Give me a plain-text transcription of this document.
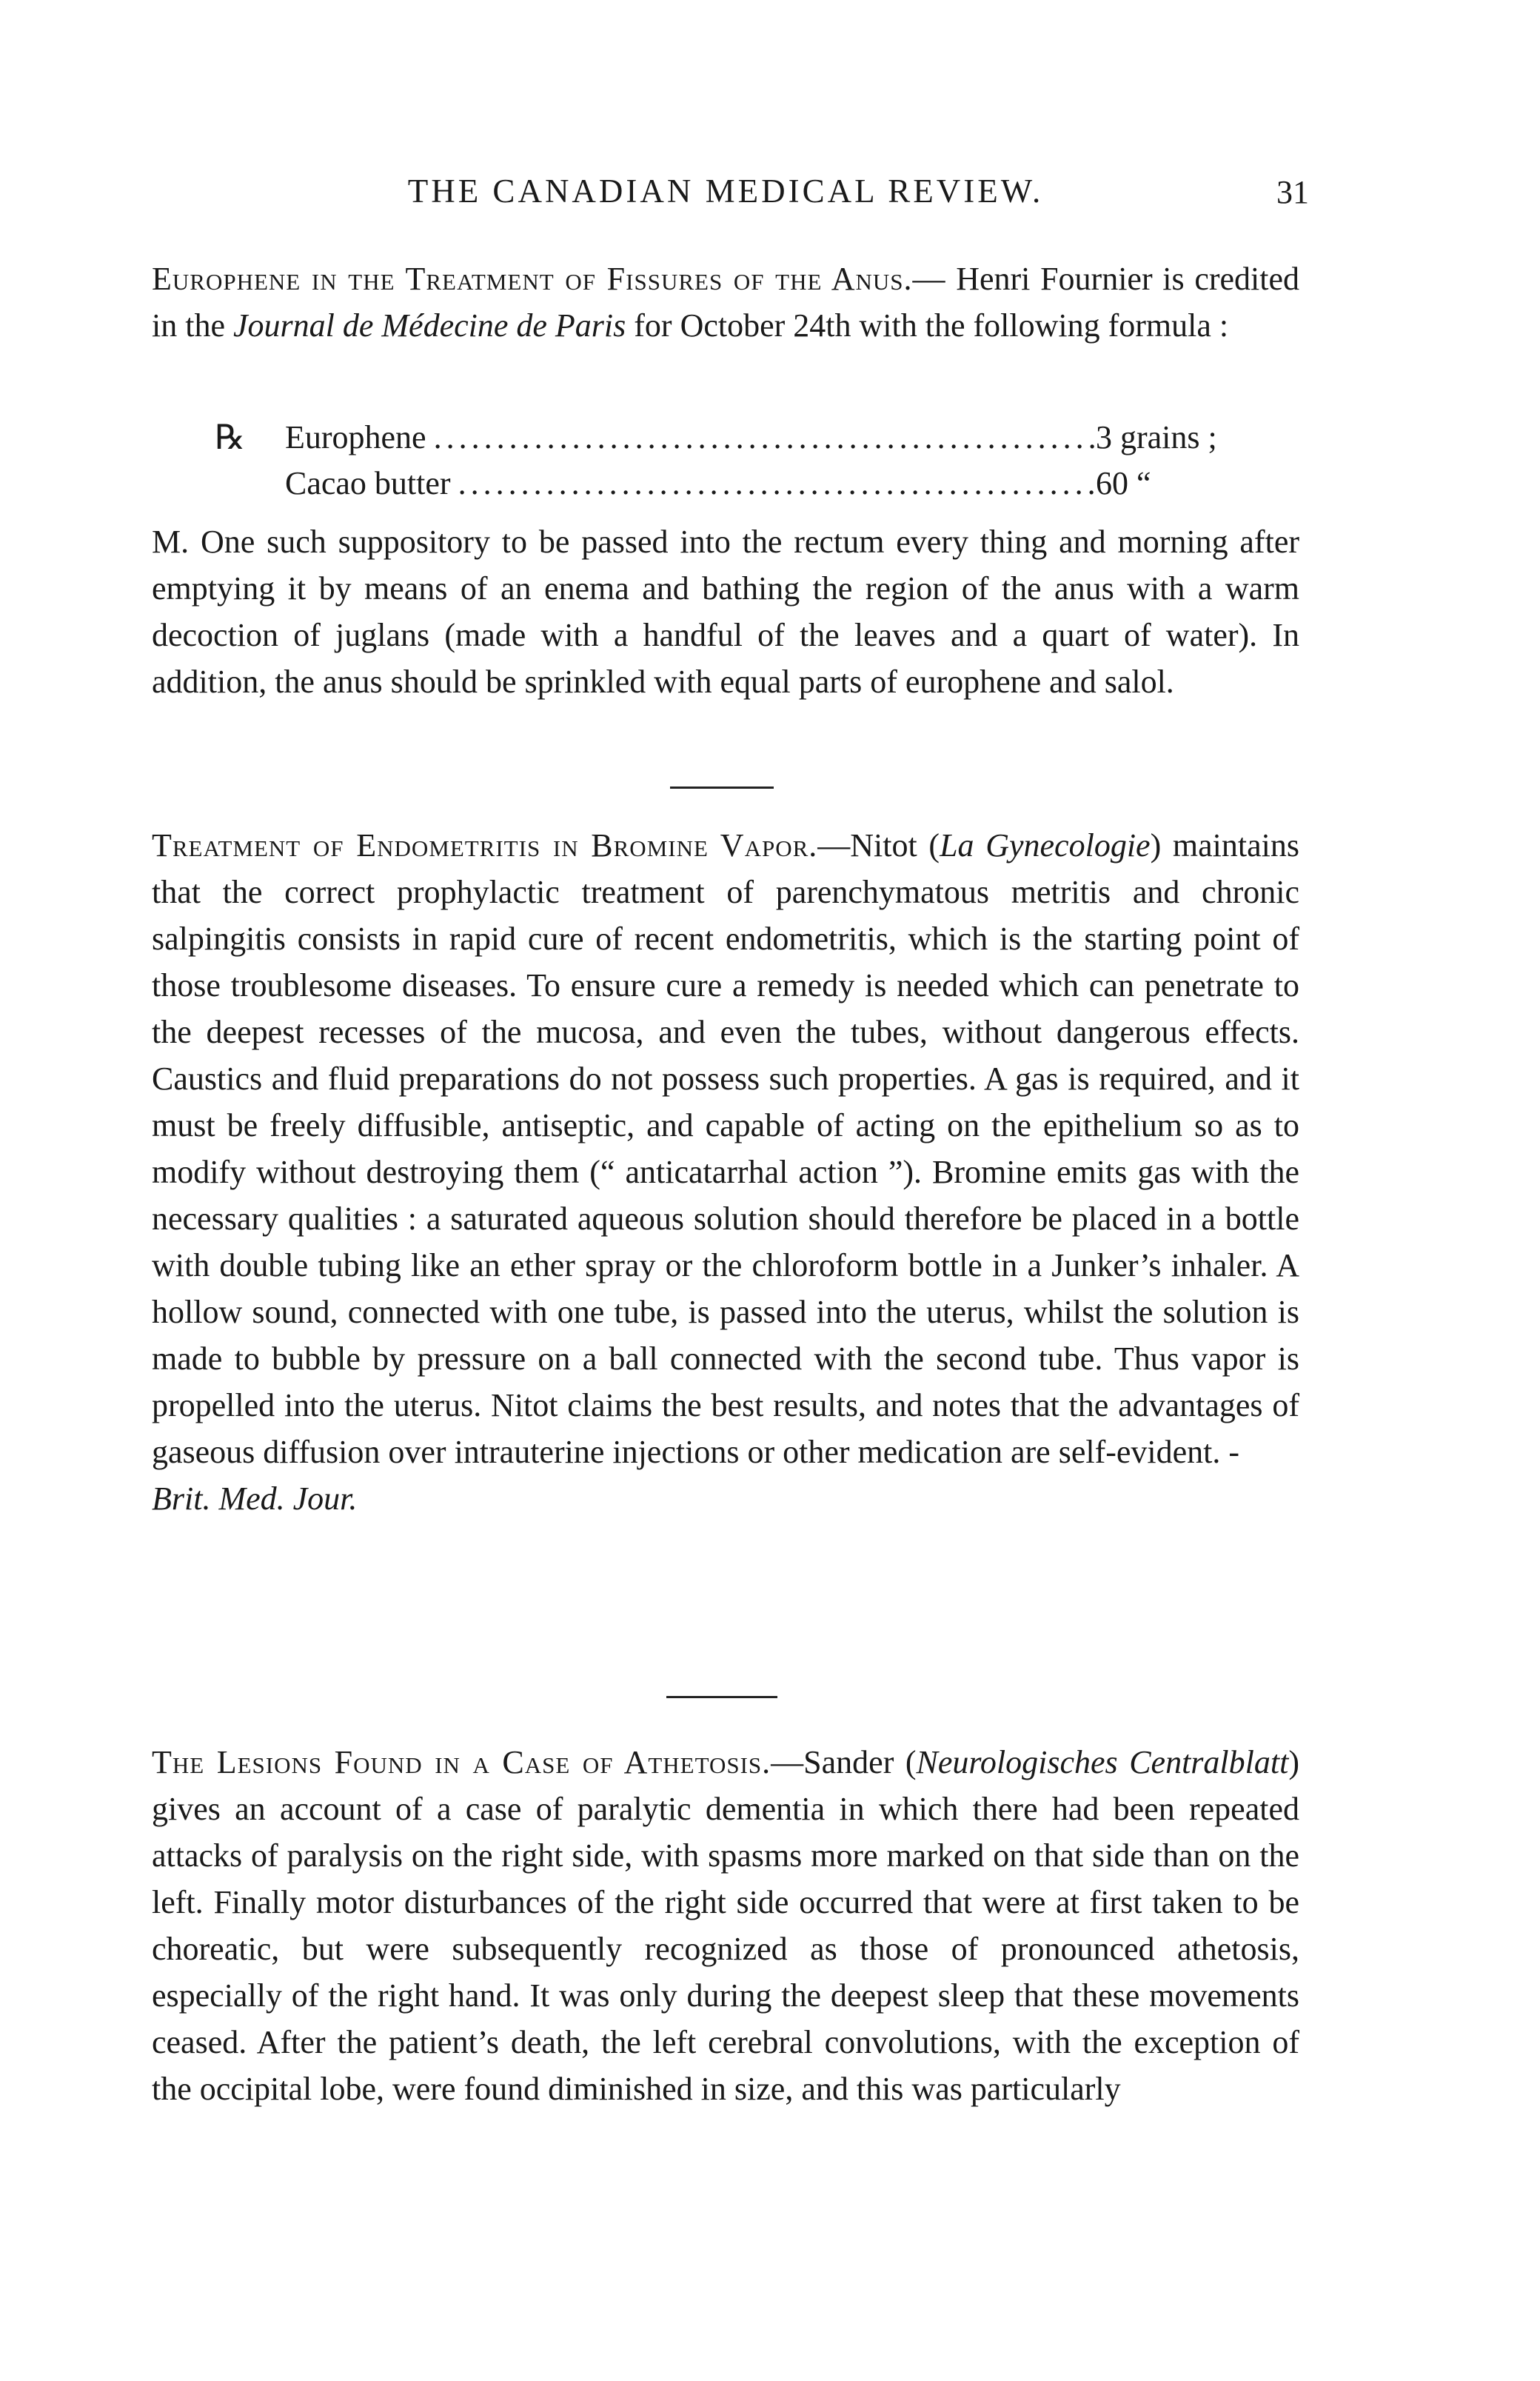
THE CANADIAN MEDICAL REVIEW.	31

Europhene in the Treatment of Fissures of the Anus.— Henri Fournier is credited in the Journal de Médecine de Paris for October 24th with the following formula :

℞	Europhene .....	3 grains ;
Cacao butter .....	60 “

M. One such suppository to be passed into the rectum every thing and morning after emptying it by means of an enema and bathing the region of the anus with a warm decoction of juglans (made with a handful of the leaves and a quart of water). In addition, the anus should be sprinkled with equal parts of europhene and salol.

Treatment of Endometritis in Bromine Vapor.—Nitot (La Gynecologie) maintains that the correct prophylactic treatment of parenchymatous metritis and chronic salpingitis consists in rapid cure of recent endometritis, which is the starting point of those troublesome diseases. To ensure cure a remedy is needed which can penetrate to the deepest recesses of the mucosa, and even the tubes, without dangerous effects. Caustics and fluid preparations do not possess such properties. A gas is required, and it must be freely diffusible, antiseptic, and capable of acting on the epithelium so as to modify without destroying them (“ anticatarrhal action ”). Bromine emits gas with the necessary qualities : a saturated aqueous solution should therefore be placed in a bottle with double tubing like an ether spray or the chloroform bottle in a Junker’s inhaler. A hollow sound, connected with one tube, is passed into the uterus, whilst the solution is made to bubble by pressure on a ball connected with the second tube. Thus vapor is propelled into the uterus. Nitot claims the best results, and notes that the advantages of gaseous diffusion over intrauterine injections or other medication are self-evident. -
Brit. Med. Jour.

The Lesions Found in a Case of Athetosis.—Sander (Neurologisches Centralblatt) gives an account of a case of paralytic dementia in which there had been repeated attacks of paralysis on the right side, with spasms more marked on that side than on the left. Finally motor disturbances of the right side occurred that were at first taken to be choreatic, but were subsequently recognized as those of pronounced athetosis, especially of the right hand. It was only during the deepest sleep that these movements ceased. After the patient’s death, the left cerebral convolutions, with the exception of the occipital lobe, were found diminished in size, and this was particularly
